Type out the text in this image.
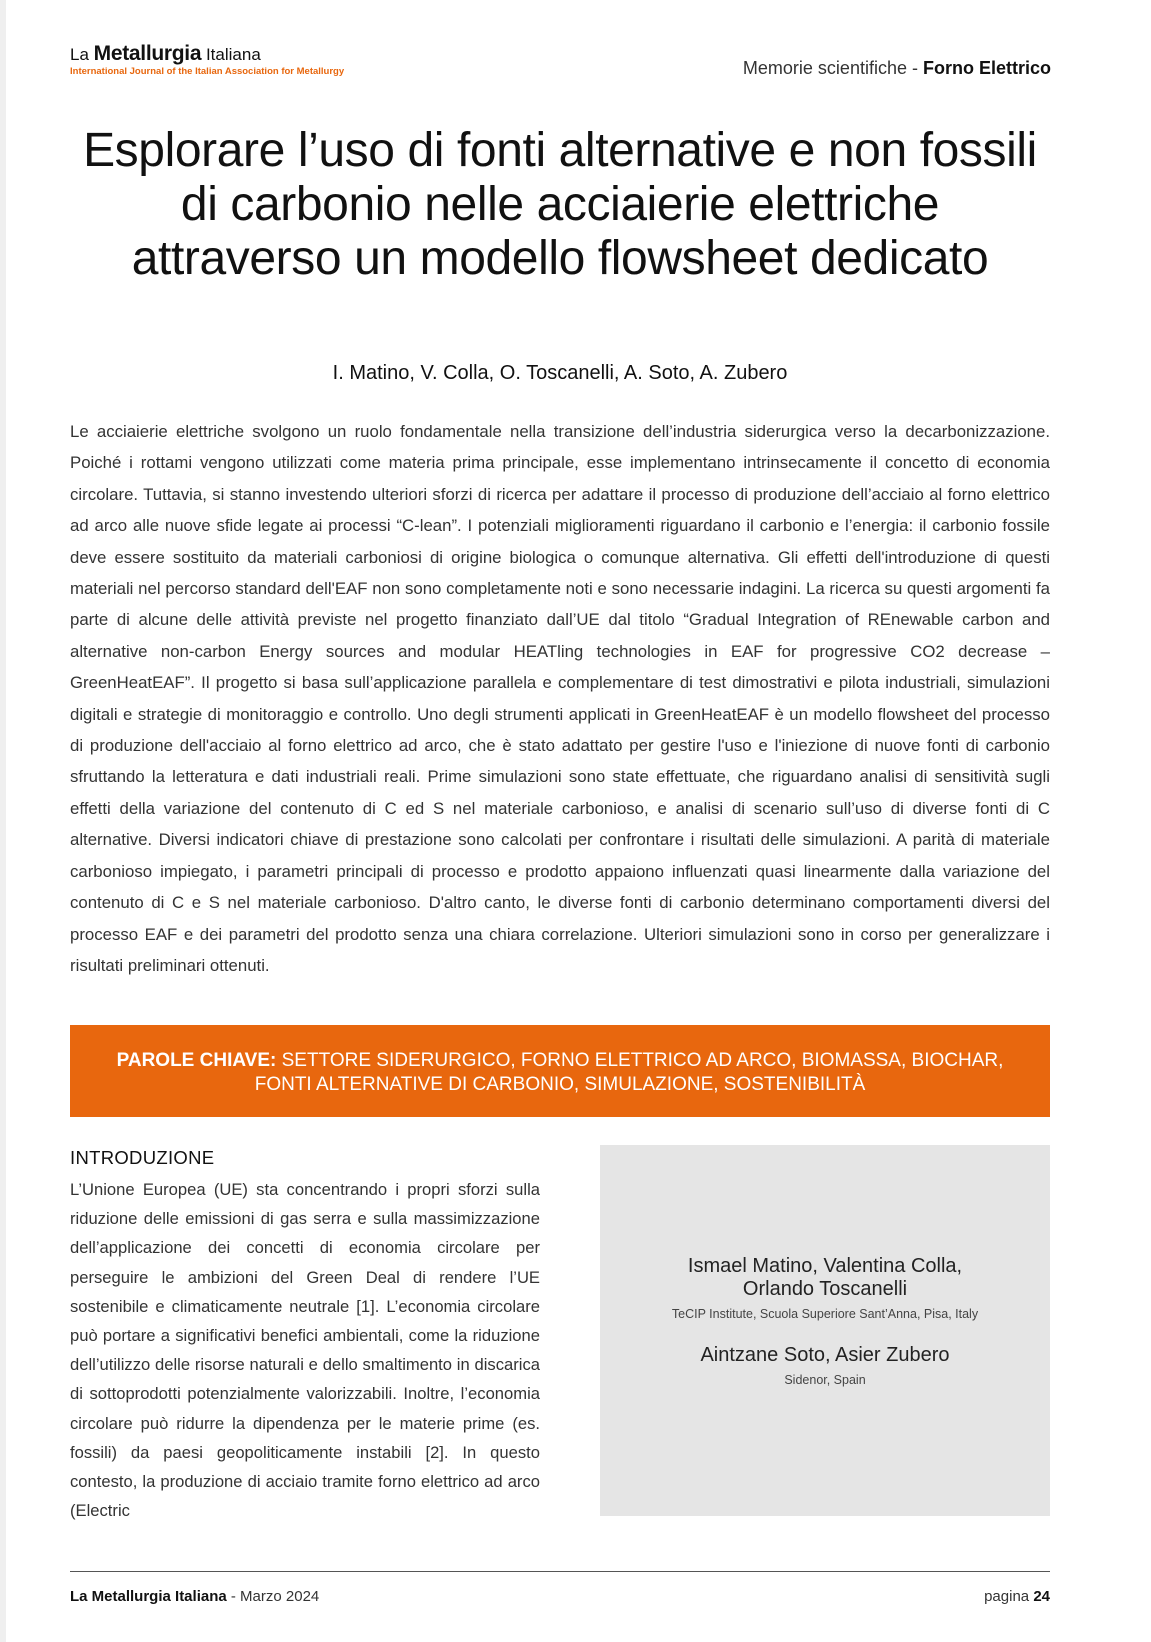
La Metallurgia Italiana
International Journal of the Italian Association for Metallurgy	Memorie scientifiche - Forno Elettrico
Esplorare l’uso di fonti alternative e non fossili di carbonio nelle acciaierie elettriche attraverso un modello flowsheet dedicato
I. Matino, V. Colla, O. Toscanelli, A. Soto, A. Zubero

Le acciaierie elettriche svolgono un ruolo fondamentale nella transizione dell’industria siderurgica verso la decarbonizzazione. Poiché i rottami vengono utilizzati come materia prima principale, esse implementano intrinsecamente il concetto di economia circolare. Tuttavia, si stanno investendo ulteriori sforzi di ricerca per adattare il processo di produzione dell’acciaio al forno elettrico ad arco alle nuove sfide legate ai processi “C-lean”. I potenziali miglioramenti riguardano il carbonio e l’energia: il carbonio fossile deve essere sostituito da materiali carboniosi di origine biologica o comunque alternativa. Gli effetti dell'introduzione di questi materiali nel percorso standard dell'EAF non sono completamente noti e sono necessarie indagini. La ricerca su questi argomenti fa parte di alcune delle attività previste nel progetto finanziato dall’UE dal titolo “Gradual Integration of REnewable carbon and alternative non-carbon Energy sources and modular HEATling technologies in EAF for progressive CO2 decrease – GreenHeatEAF”. Il progetto si basa sull’applicazione parallela e complementare di test dimostrativi e pilota industriali, simulazioni digitali e strategie di monitoraggio e controllo. Uno degli strumenti applicati in GreenHeatEAF è un modello flowsheet del processo di produzione dell'acciaio al forno elettrico ad arco, che è stato adattato per gestire l'uso e l'iniezione di nuove fonti di carbonio sfruttando la letteratura e dati industriali reali. Prime simulazioni sono state effettuate, che riguardano analisi di sensitività sugli effetti della variazione del contenuto di C ed S nel materiale carbonioso, e analisi di scenario sull’uso di diverse fonti di C alternative. Diversi indicatori chiave di prestazione sono calcolati per confrontare i risultati delle simulazioni. A parità di materiale carbonioso impiegato, i parametri principali di processo e prodotto appaiono influenzati quasi linearmente dalla variazione del contenuto di C e S nel materiale carbonioso. D'altro canto, le diverse fonti di carbonio determinano comportamenti diversi del processo EAF e dei parametri del prodotto senza una chiara correlazione. Ulteriori simulazioni sono in corso per generalizzare i risultati preliminari ottenuti.

PAROLE CHIAVE: SETTORE SIDERURGICO, FORNO ELETTRICO AD ARCO, BIOMASSA, BIOCHAR,
FONTI ALTERNATIVE DI CARBONIO, SIMULAZIONE, SOSTENIBILITÀ
INTRODUZIONE

L’Unione Europea (UE) sta concentrando i propri sforzi sulla riduzione delle emissioni di gas serra e sulla massimizzazione dell’applicazione dei concetti di economia circolare per perseguire le ambizioni del Green Deal di rendere l’UE sostenibile e climaticamente neutrale [1]. L’economia circolare può portare a significativi benefici ambientali, come la riduzione dell’utilizzo delle risorse naturali e dello smaltimento in discarica di sottoprodotti potenzialmente valorizzabili. Inoltre, l’economia circolare può ridurre la dipendenza per le materie prime (es. fossili) da paesi geopoliticamente instabili [2]. In questo contesto, la produzione di acciaio tramite forno elettrico ad arco (Electric

Ismael Matino, Valentina Colla,
Orlando Toscanelli
TeCIP Institute, Scuola Superiore Sant’Anna, Pisa, Italy
Aintzane Soto, Asier Zubero
Sidenor, Spain
La Metallurgia Italiana - Marzo 2024	pagina 24
